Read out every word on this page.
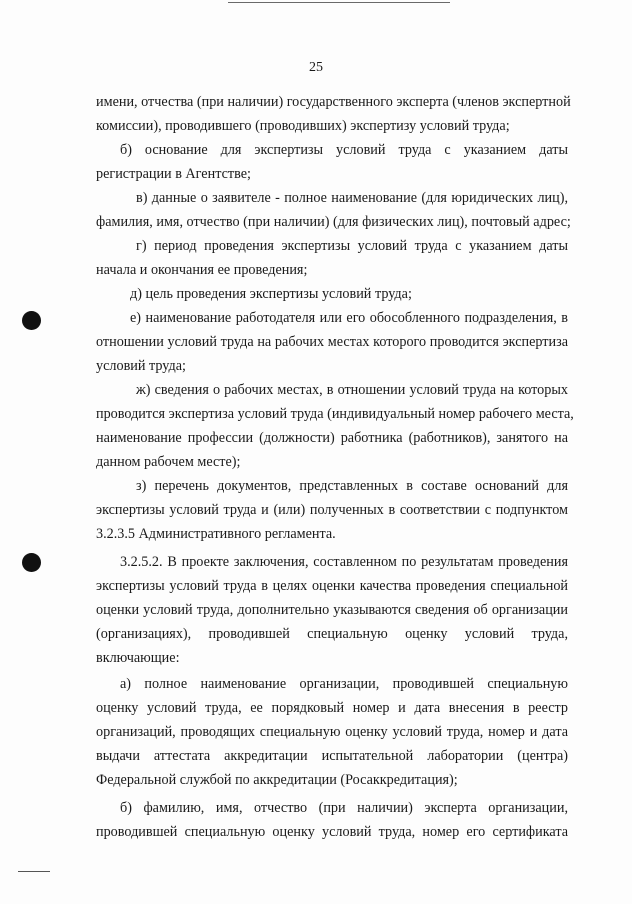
25
имени, отчества (при наличии) государственного эксперта (членов экспертной
комиссии), проводившего (проводивших) экспертизу условий труда;
б) основание для экспертизы условий труда с указанием даты
регистрации в Агентстве;
в) данные о заявителе - полное наименование (для юридических лиц),
фамилия, имя, отчество (при наличии) (для физических лиц), почтовый адрес;
г) период проведения экспертизы условий труда с указанием даты
начала и окончания ее проведения;
д) цель проведения экспертизы условий труда;
е) наименование работодателя или его обособленного подразделения, в
отношении условий труда на рабочих местах которого проводится экспертиза
условий труда;
ж) сведения о рабочих местах, в отношении условий труда на которых
проводится экспертиза условий труда (индивидуальный номер рабочего места,
наименование профессии (должности) работника (работников), занятого на
данном рабочем месте);
з) перечень документов, представленных в составе оснований для
экспертизы условий труда и (или) полученных в соответствии с подпунктом
3.2.3.5 Административного регламента.
3.2.5.2. В проекте заключения, составленном по результатам проведения
экспертизы условий труда в целях оценки качества проведения специальной
оценки условий труда, дополнительно указываются сведения об организации
(организациях), проводившей специальную оценку условий труда,
включающие:
а) полное наименование организации, проводившей специальную
оценку условий труда, ее порядковый номер и дата внесения в реестр
организаций, проводящих специальную оценку условий труда, номер и дата
выдачи аттестата аккредитации испытательной лаборатории (центра)
Федеральной службой по аккредитации (Росаккредитация);
б) фамилию, имя, отчество (при наличии) эксперта организации,
проводившей специальную оценку условий труда, номер его сертификата
